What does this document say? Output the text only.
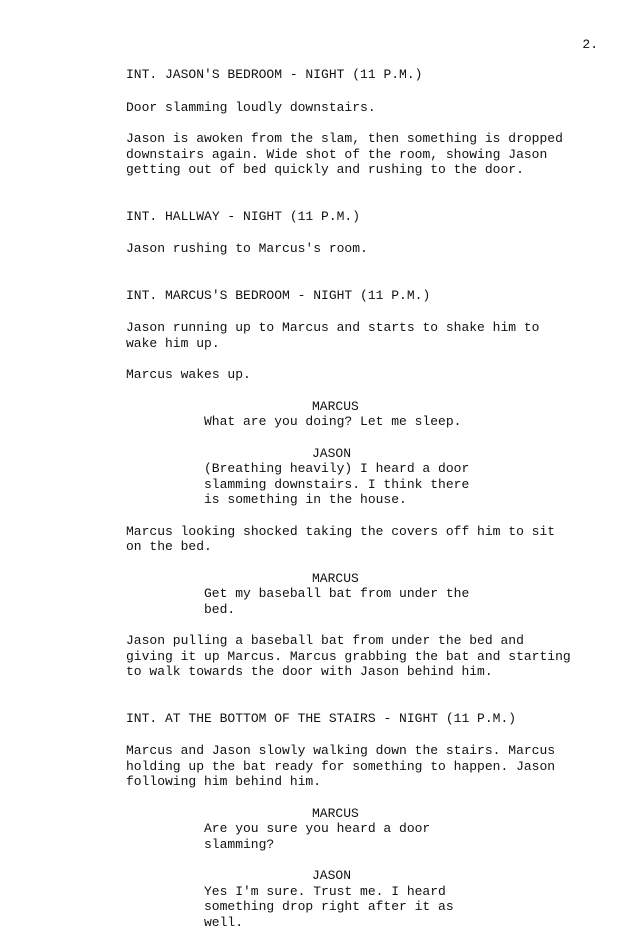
2.
INT. JASON'S BEDROOM - NIGHT (11 P.M.)
Door slamming loudly downstairs.
Jason is awoken from the slam, then something is dropped
downstairs again. Wide shot of the room, showing Jason
getting out of bed quickly and rushing to the door.
INT. HALLWAY - NIGHT (11 P.M.)
Jason rushing to Marcus's room.
INT. MARCUS'S BEDROOM - NIGHT (11 P.M.)
Jason running up to Marcus and starts to shake him to
wake him up.
Marcus wakes up.
MARCUS
What are you doing? Let me sleep.
JASON
(Breathing heavily) I heard a door
slamming downstairs. I think there
is something in the house.
Marcus looking shocked taking the covers off him to sit
on the bed.
MARCUS
Get my baseball bat from under the
bed.
Jason pulling a baseball bat from under the bed and
giving it up Marcus. Marcus grabbing the bat and starting
to walk towards the door with Jason behind him.
INT. AT THE BOTTOM OF THE STAIRS - NIGHT (11 P.M.)
Marcus and Jason slowly walking down the stairs. Marcus
holding up the bat ready for something to happen. Jason
following him behind him.
MARCUS
Are you sure you heard a door
slamming?
JASON
Yes I'm sure. Trust me. I heard
something drop right after it as
well.
